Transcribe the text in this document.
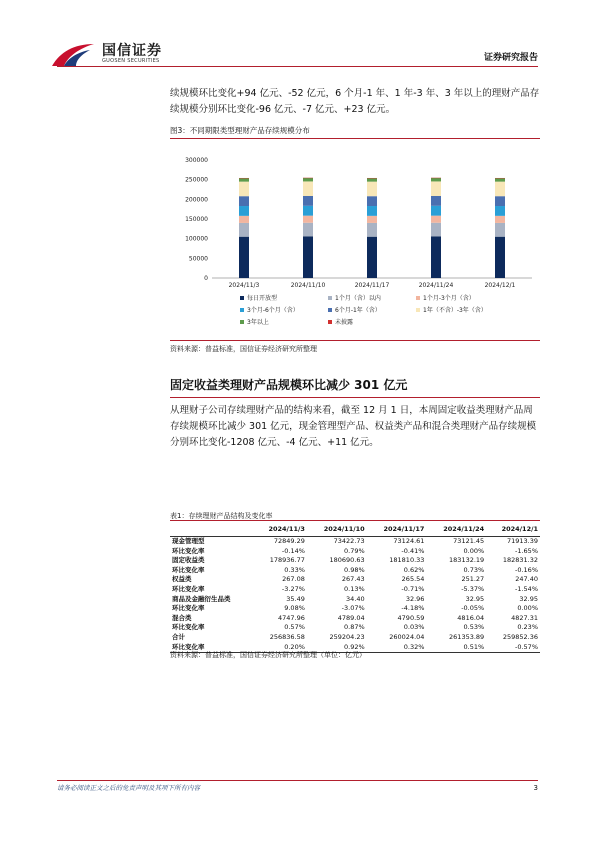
国信证券
GUOSEN SECURITIES	证券研究报告

续规模环比变化+94 亿元、-52 亿元，6 个月-1 年、1 年-3 年、3 年以上的理财产品存续规模分别环比变化-96 亿元、-7 亿元、+23 亿元。

图3：不同期限类型理财产品存续规模分布
0
50000
100000
150000
200000
250000
300000
2024/11/3	2024/11/10	2024/11/17	2024/11/24	2024/12/1
每日开放型	1个月（含）以内	1个月-3个月（含）
3个月-6个月（含）	6个月-1年（含）	1年（不含）-3年（含）
3年以上	未披露
资料来源：普益标准，国信证券经济研究所整理
固定收益类理财产品规模环比减少 301 亿元

从理财子公司存续理财产品的结构来看，截至 12 月 1 日，本周固定收益类理财产品周存续规模环比减少 301 亿元，现金管理型产品、权益类产品和混合类理财产品存续规模分别环比变化-1208 亿元、-4 亿元、+11 亿元。

表1：存续理财产品结构及变化率
	2024/11/3	2024/11/10	2024/11/17	2024/11/24	2024/12/1
现金管理型	72849.29	73422.73	73124.61	73121.45	71913.39
环比变化率	-0.14%	0.79%	-0.41%	0.00%	-1.65%
固定收益类	178936.77	180690.63	181810.33	183132.19	182831.32
环比变化率	0.33%	0.98%	0.62%	0.73%	-0.16%
权益类	267.08	267.43	265.54	251.27	247.40
环比变化率	-3.27%	0.13%	-0.71%	-5.37%	-1.54%
商品及金融衍生品类	35.49	34.40	32.96	32.95	32.95
环比变化率	9.08%	-3.07%	-4.18%	-0.05%	0.00%
混合类	4747.96	4789.04	4790.59	4816.04	4827.31
环比变化率	0.57%	0.87%	0.03%	0.53%	0.23%
合计	256836.58	259204.23	260024.04	261353.89	259852.36
环比变化率	0.20%	0.92%	0.32%	0.51%	-0.57%
资料来源：普益标准，国信证券经济研究所整理（单位：亿元）
请务必阅读正文之后的免责声明及其项下所有内容	3
